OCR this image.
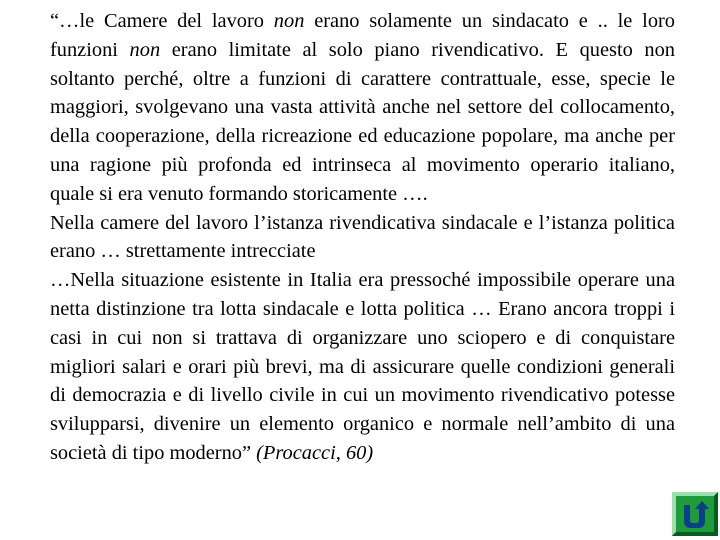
“…le Camere del lavoro non erano solamente un sindacato e .. le loro funzioni non erano limitate al solo piano rivendicativo. E questo non soltanto perché, oltre a funzioni di carattere contrattuale, esse, specie le maggiori, svolgevano una vasta attività anche nel settore del collocamento, della cooperazione, della ricreazione ed educazione popolare, ma anche per una ragione più profonda ed intrinseca al movimento operario italiano, quale si era venuto formando storicamente ….

Nella camere del lavoro l’istanza rivendicativa sindacale e l’istanza politica erano … strettamente intrecciate

…Nella situazione esistente in Italia era pressoché impossibile operare una netta distinzione tra lotta sindacale e lotta politica … Erano ancora troppi i casi in cui non si trattava di organizzare uno sciopero e di conquistare migliori salari e orari più brevi, ma di assicurare quelle condizioni generali di democrazia e di livello civile in cui un movimento rivendicativo potesse svilupparsi, divenire un elemento organico e normale nell’ambito di una società di tipo moderno” (Procacci, 60)
